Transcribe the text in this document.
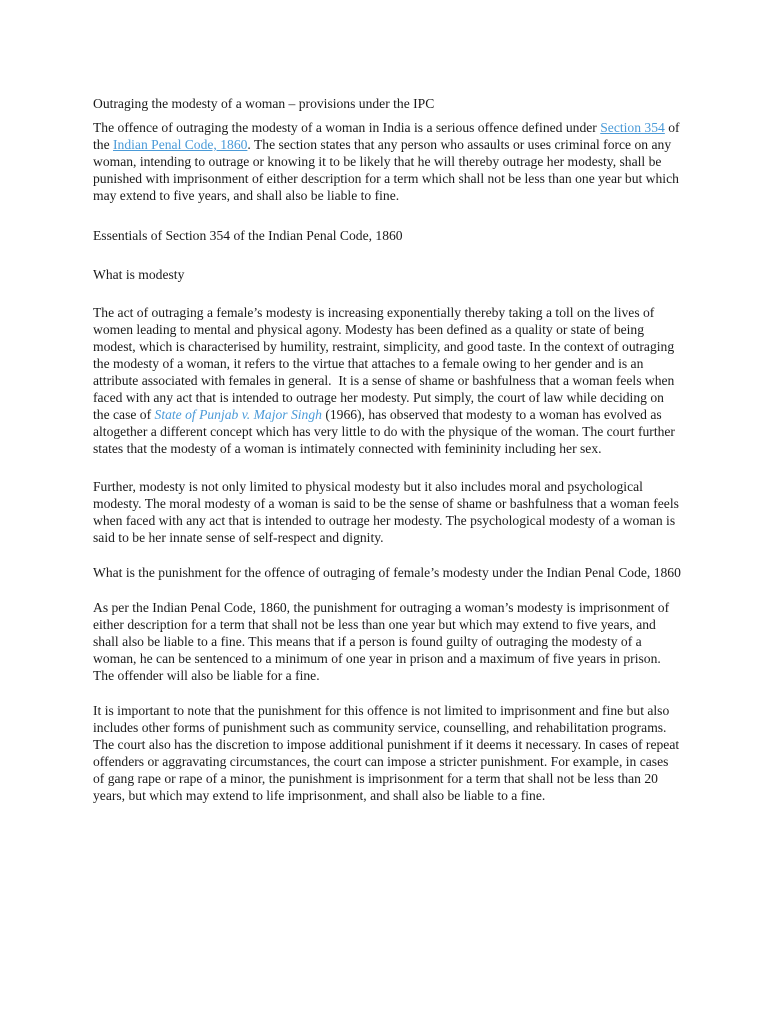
Outraging the modesty of a woman – provisions under the IPC

The offence of outraging the modesty of a woman in India is a serious offence defined under Section 354 of the Indian Penal Code, 1860. The section states that any person who assaults or uses criminal force on any woman, intending to outrage or knowing it to be likely that he will thereby outrage her modesty, shall be punished with imprisonment of either description for a term which shall not be less than one year but which may extend to five years, and shall also be liable to fine.

Essentials of Section 354 of the Indian Penal Code, 1860

What is modesty

The act of outraging a female’s modesty is increasing exponentially thereby taking a toll on the lives of women leading to mental and physical agony. Modesty has been defined as a quality or state of being modest, which is characterised by humility, restraint, simplicity, and good taste. In the context of outraging the modesty of a woman, it refers to the virtue that attaches to a female owing to her gender and is an attribute associated with females in general.  It is a sense of shame or bashfulness that a woman feels when faced with any act that is intended to outrage her modesty. Put simply, the court of law while deciding on the case of State of Punjab v. Major Singh (1966), has observed that modesty to a woman has evolved as altogether a different concept which has very little to do with the physique of the woman. The court further states that the modesty of a woman is intimately connected with femininity including her sex.

Further, modesty is not only limited to physical modesty but it also includes moral and psychological modesty. The moral modesty of a woman is said to be the sense of shame or bashfulness that a woman feels when faced with any act that is intended to outrage her modesty. The psychological modesty of a woman is said to be her innate sense of self-respect and dignity.

What is the punishment for the offence of outraging of female’s modesty under the Indian Penal Code, 1860

As per the Indian Penal Code, 1860, the punishment for outraging a woman’s modesty is imprisonment of either description for a term that shall not be less than one year but which may extend to five years, and shall also be liable to a fine. This means that if a person is found guilty of outraging the modesty of a woman, he can be sentenced to a minimum of one year in prison and a maximum of five years in prison. The offender will also be liable for a fine.

It is important to note that the punishment for this offence is not limited to imprisonment and fine but also includes other forms of punishment such as community service, counselling, and rehabilitation programs. The court also has the discretion to impose additional punishment if it deems it necessary. In cases of repeat offenders or aggravating circumstances, the court can impose a stricter punishment. For example, in cases of gang rape or rape of a minor, the punishment is imprisonment for a term that shall not be less than 20 years, but which may extend to life imprisonment, and shall also be liable to a fine.
